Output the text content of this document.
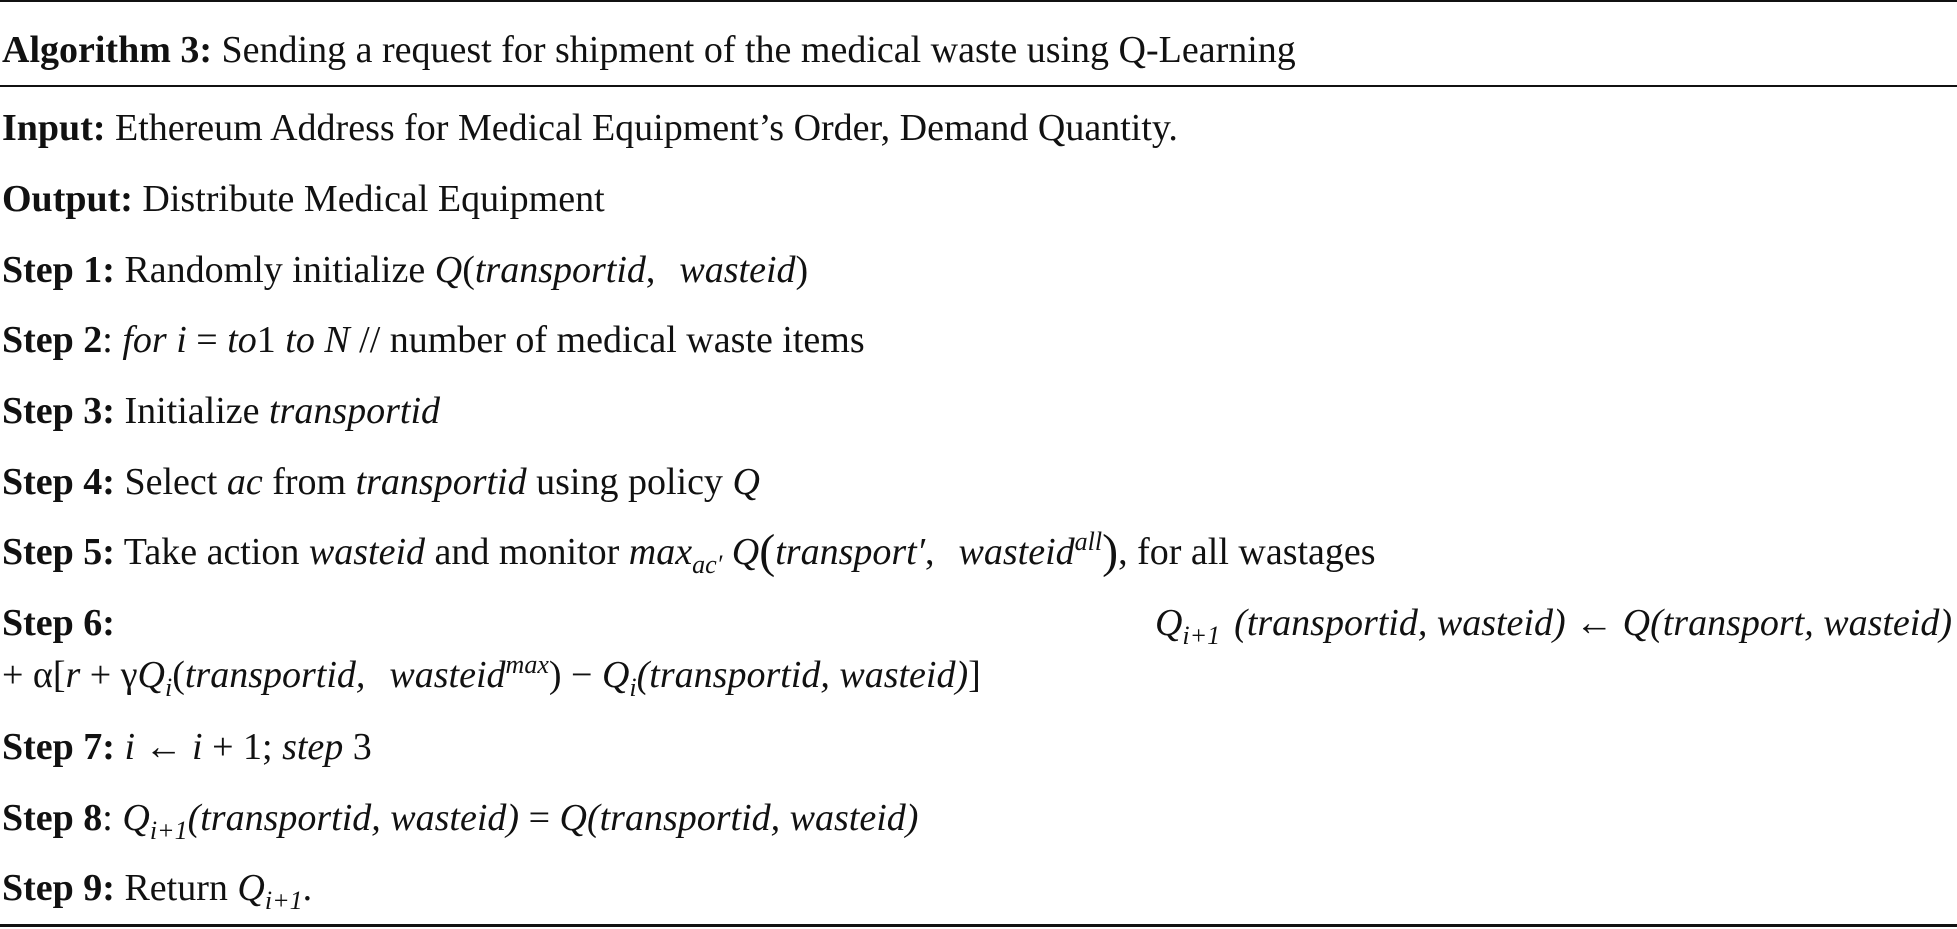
Algorithm 3: Sending a request for shipment of the medical waste using Q-Learning
Input: Ethereum Address for Medical Equipment’s Order, Demand Quantity.
Output: Distribute Medical Equipment
Step 1: Randomly initialize Q(transportid, wasteid)
Step 2: for i = to1 to N // number of medical waste items
Step 3: Initialize transportid
Step 4: Select ac from transportid using policy Q
Step 5: Take action wasteid and monitor $\max_{ac'}$ Q(transport′, wasteid$^{all}$), for all wastages
Step 6:	$Q_{i+1}$ (transportid, wasteid) ← Q(transport, wasteid)
+ $\alpha[r + \gamma Q_i(transportid$, wasteid$^{max}$) − $Q_i(transportid$, wasteid)]
Step 7: i ← i + 1; step 3
Step 8: $Q_{i+1}(transportid$, wasteid) = Q(transportid, wasteid)
Step 9: Return $Q_{i+1}$.
